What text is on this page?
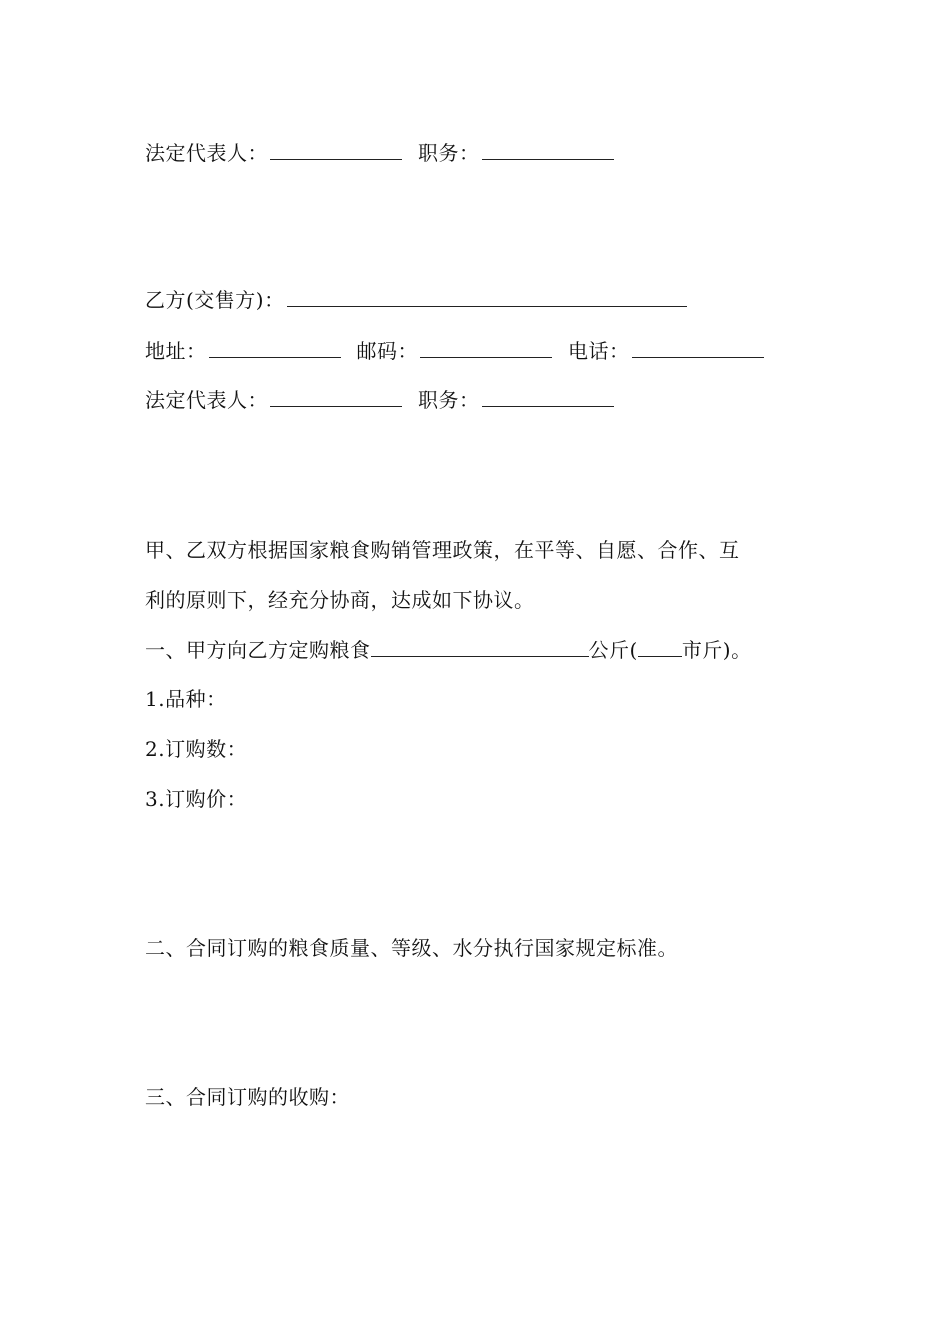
法定代表人：	职务：
乙方(交售方)：
地址：	邮码：	电话：
法定代表人：	职务：
甲、乙双方根据国家粮食购销管理政策，在平等、自愿、合作、互
利的原则下，经充分协商，达成如下协议。
一、甲方向乙方定购粮食	公斤( 市斤)。
1.品种：
2.订购数：
3.订购价：
二、合同订购的粮食质量、等级、水分执行国家规定标准。
三、合同订购的收购：
